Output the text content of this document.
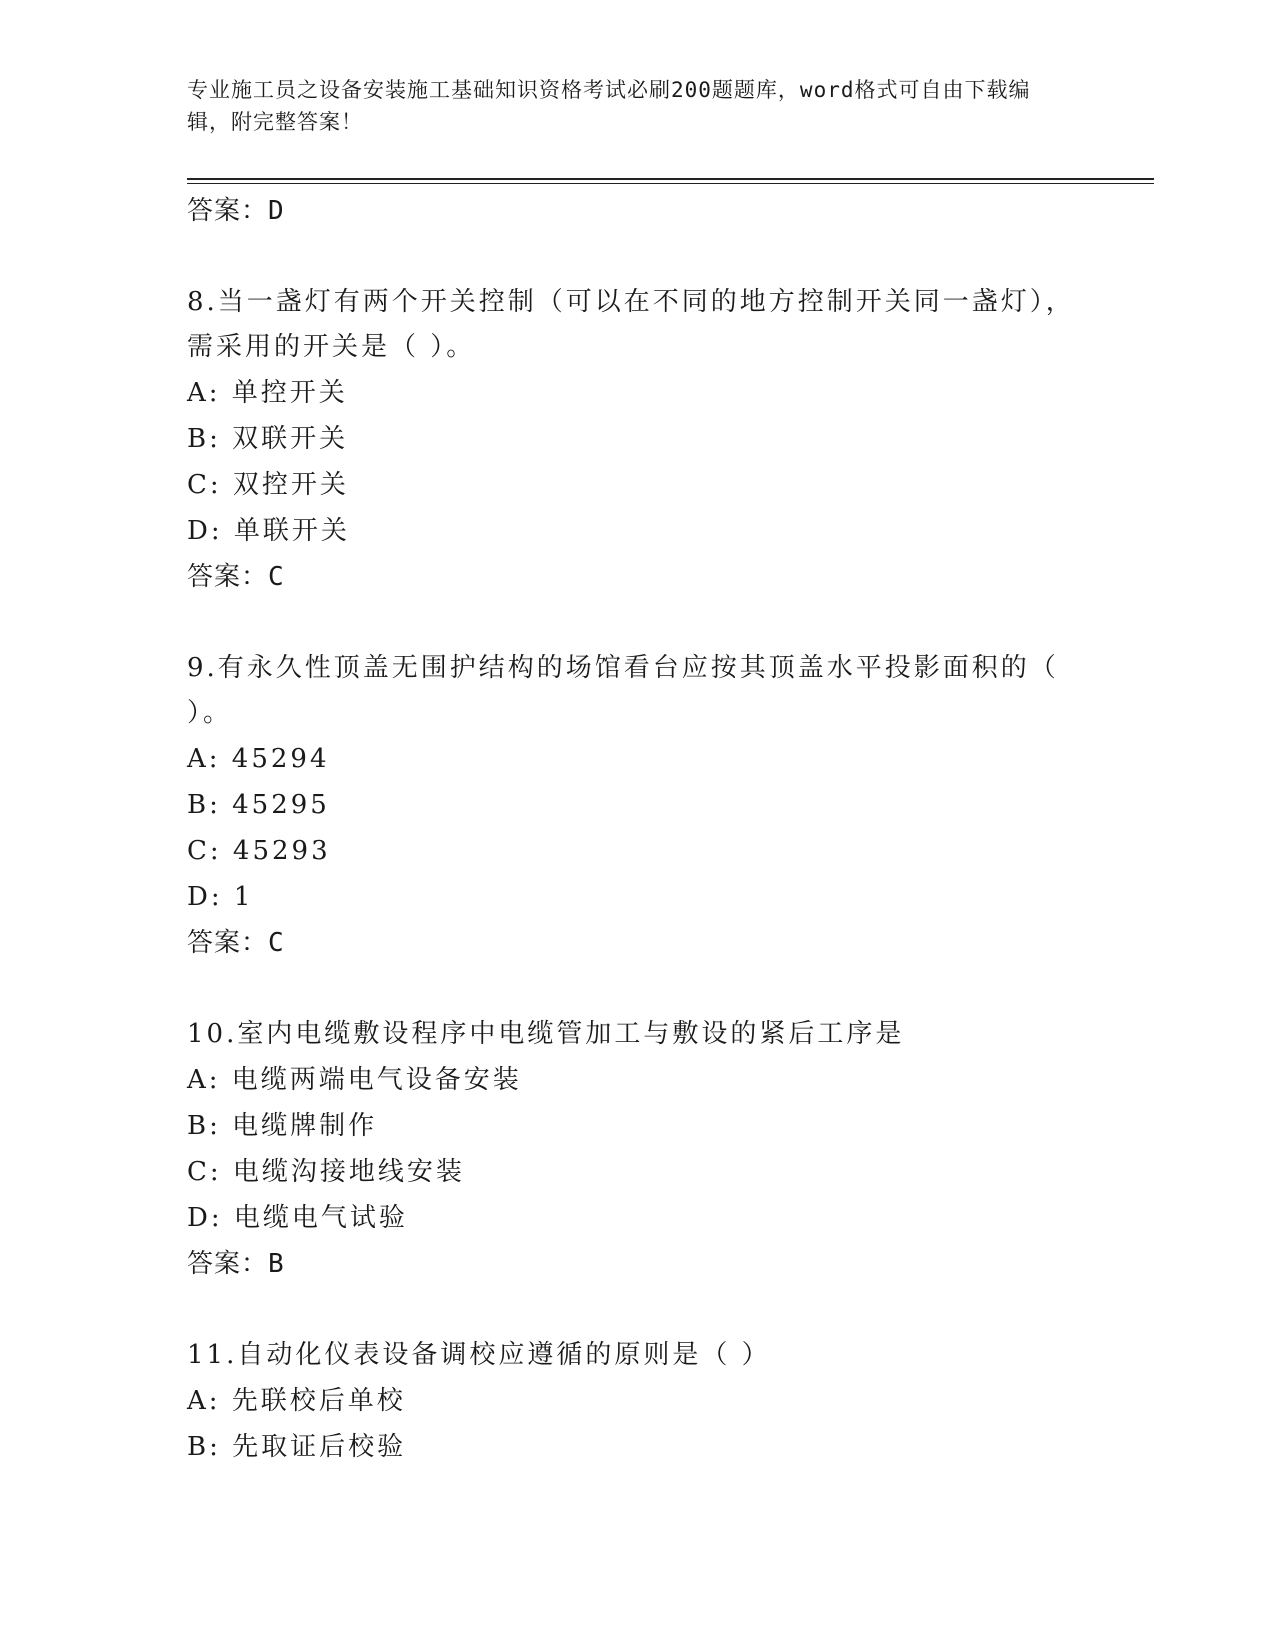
专业施工员之设备安装施工基础知识资格考试必刷200题题库，word格式可自由下载编辑，附完整答案！
答案：D
8.当一盏灯有两个开关控制（可以在不同的地方控制开关同一盏灯），需采用的开关是（ ）。
A: 单控开关
B: 双联开关
C: 双控开关
D: 单联开关
答案：C
9.有永久性顶盖无围护结构的场馆看台应按其顶盖水平投影面积的（ ）。
A: 45294
B: 45295
C: 45293
D: 1
答案：C
10.室内电缆敷设程序中电缆管加工与敷设的紧后工序是
A: 电缆两端电气设备安装
B: 电缆牌制作
C: 电缆沟接地线安装
D: 电缆电气试验
答案：B
11.自动化仪表设备调校应遵循的原则是（ ）
A: 先联校后单校
B: 先取证后校验
